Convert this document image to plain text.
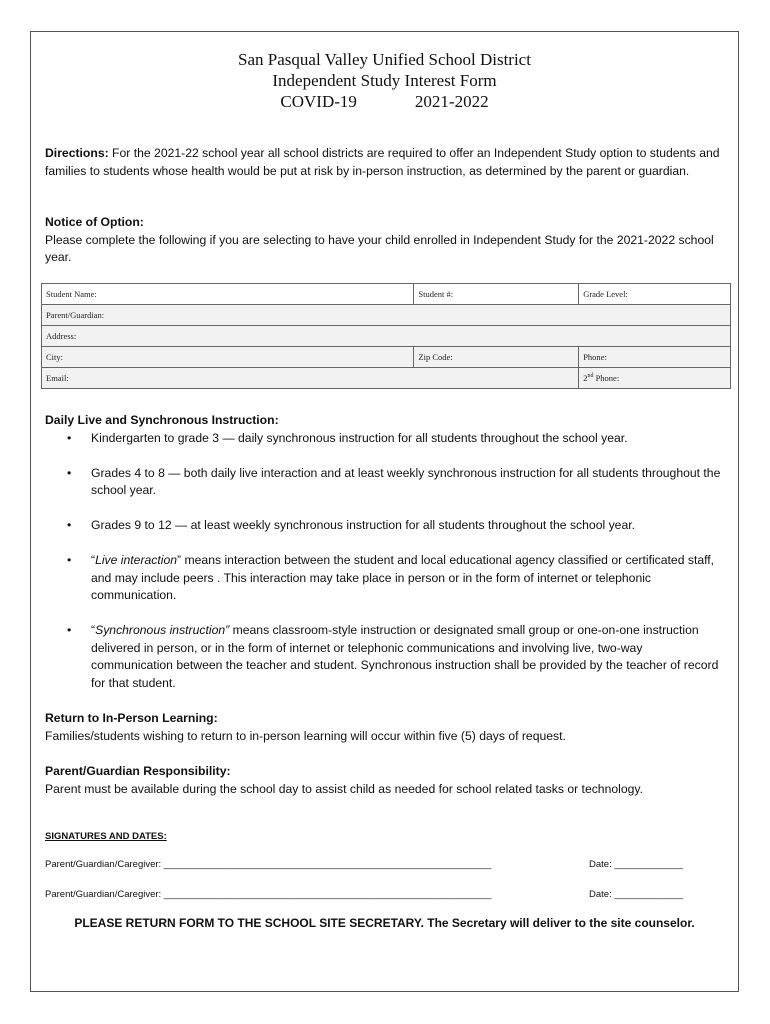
San Pasqual Valley Unified School District
Independent Study Interest Form
COVID-19	2021-2022
Directions: For the 2021-22 school year all school districts are required to offer an Independent Study option to students and families to students whose health would be put at risk by in-person instruction, as determined by the parent or guardian.
Notice of Option:
Please complete the following if you are selecting to have your child enrolled in Independent Study for the 2021-2022 school year.
Student Name:	Student #:	Grade Level:
Parent/Guardian:		
Address:		
City:	Zip Code:	Phone:
Email:		2nd Phone:
Daily Live and Synchronous Instruction:
• Kindergarten to grade 3 — daily synchronous instruction for all students throughout the school year.
• Grades 4 to 8 — both daily live interaction and at least weekly synchronous instruction for all students throughout the school year.
• Grades 9 to 12 — at least weekly synchronous instruction for all students throughout the school year.
• “Live interaction” means interaction between the student and local educational agency classified or certificated staff, and may include peers . This interaction may take place in person or in the form of internet or telephonic communication.
• “Synchronous instruction” means classroom-style instruction or designated small group or one-on-one instruction delivered in person, or in the form of internet or telephonic communications and involving live, two-way communication between the teacher and student. Synchronous instruction shall be provided by the teacher of record for that student.
Return to In-Person Learning:
Families/students wishing to return to in-person learning will occur within five (5) days of request.
Parent/Guardian Responsibility:
Parent must be available during the school day to assist child as needed for school related tasks or technology.
SIGNATURES AND DATES:
Parent/Guardian/Caregiver: ______________________________________________________________	Date: _____________
Parent/Guardian/Caregiver: ______________________________________________________________	Date: _____________
PLEASE RETURN FORM TO THE SCHOOL SITE SECRETARY. The Secretary will deliver to the site counselor.
